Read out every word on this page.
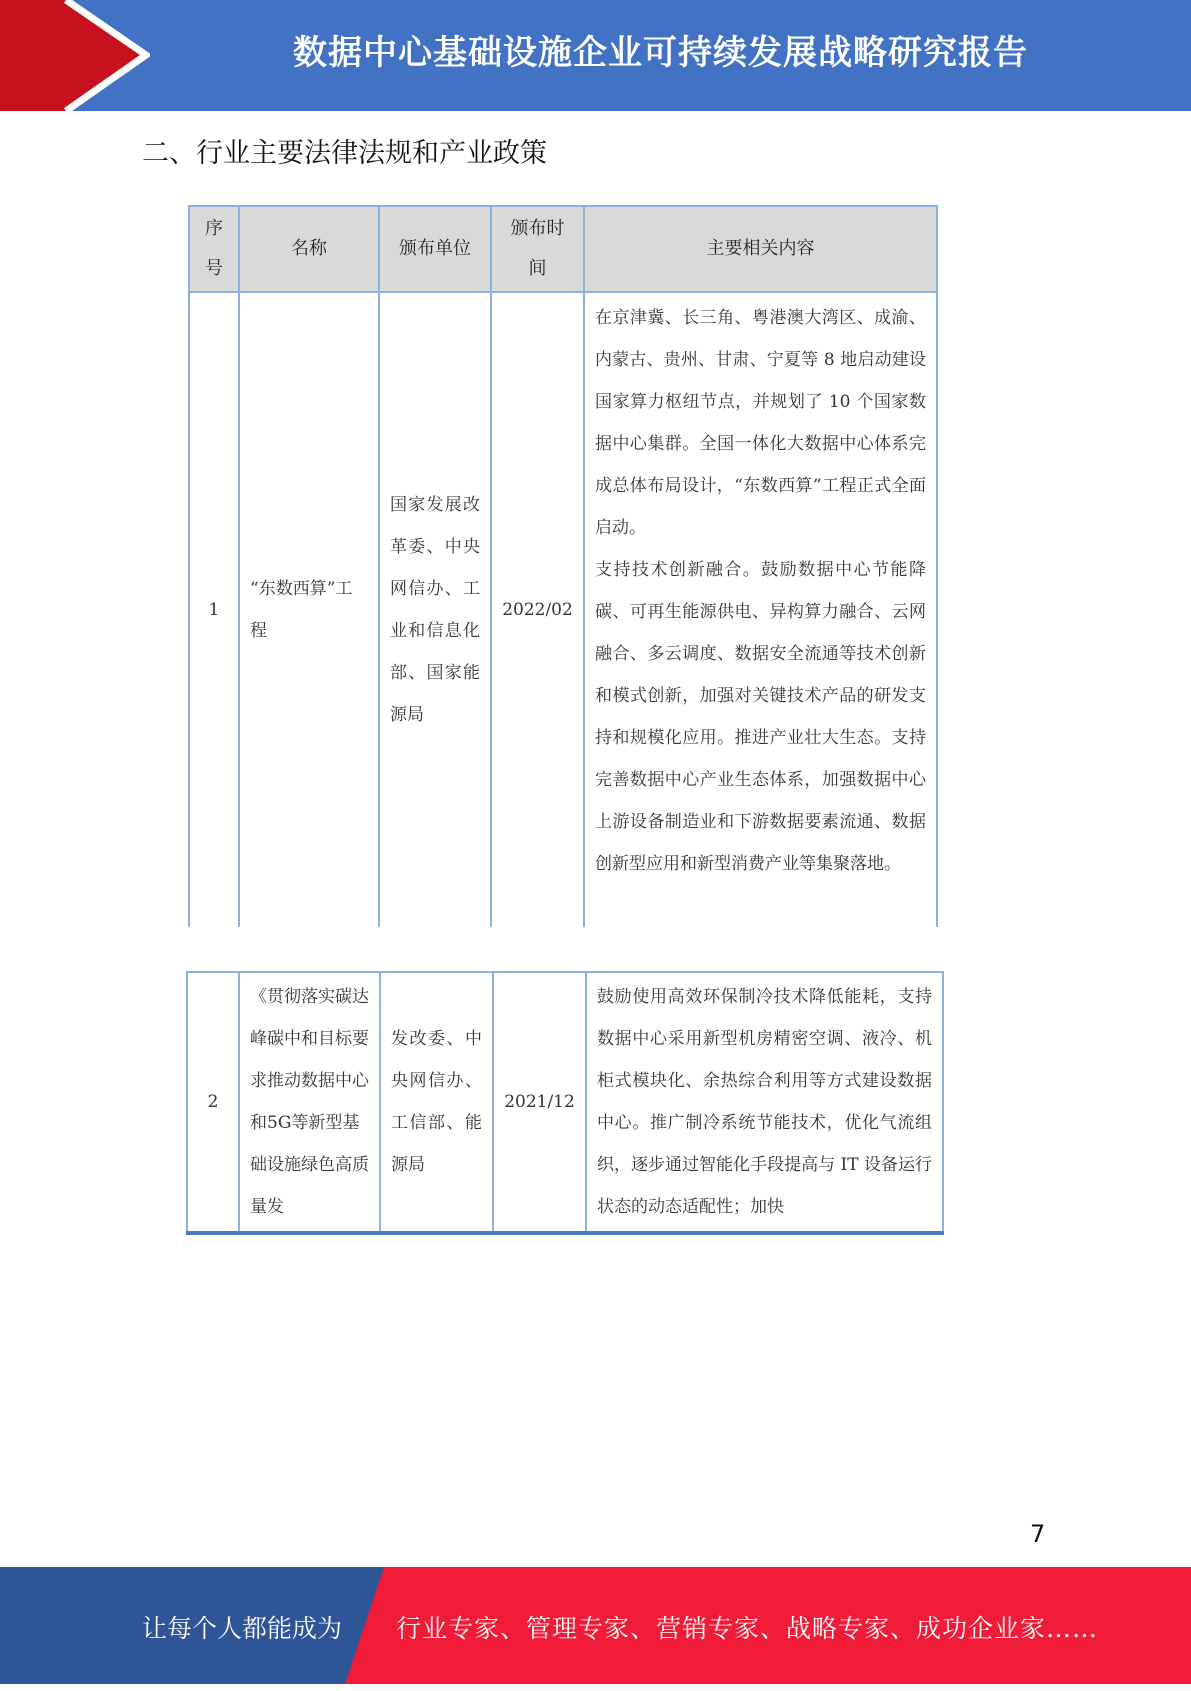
数据中心基础设施企业可持续发展战略研究报告
二、行业主要法律法规和产业政策
序号	名称	颁布单位	颁布时间	主要相关内容
1	“东数西算”工程	国家发展改革委、中央网信办、工业和信息化部、国家能源局	2022/02	在京津冀、长三角、粤港澳大湾区、成渝、内蒙古、贵州、甘肃、宁夏等 8 地启动建设国家算力枢纽节点，并规划了 10 个国家数据中心集群。全国一体化大数据中心体系完成总体布局设计，“东数西算”工程正式全面启动。

支持技术创新融合。鼓励数据中心节能降碳、可再生能源供电、异构算力融合、云网融合、多云调度、数据安全流通等技术创新和模式创新，加强对关键技术产品的研发支持和规模化应用。推进产业壮大生态。支持完善数据中心产业生态体系，加强数据中心上游设备制造业和下游数据要素流通、数据创新型应用和新型消费产业等集聚落地。

2	《贯彻落实碳达峰碳中和目标要求推动数据中心和5G等新型基础设施绿色高质量发	发改委、中央网信办、工信部、能源局	2021/12	

鼓励使用高效环保制冷技术降低能耗，支持数据中心采用新型机房精密空调、液冷、机柜式模块化、余热综合利用等方式建设数据中心。推广制冷系统节能技术，优化气流组织，逐步通过智能化手段提高与 IT 设备运行状态的动态适配性；加快

7
让每个人都能成为 行业专家、管理专家、营销专家、战略专家、成功企业家……
